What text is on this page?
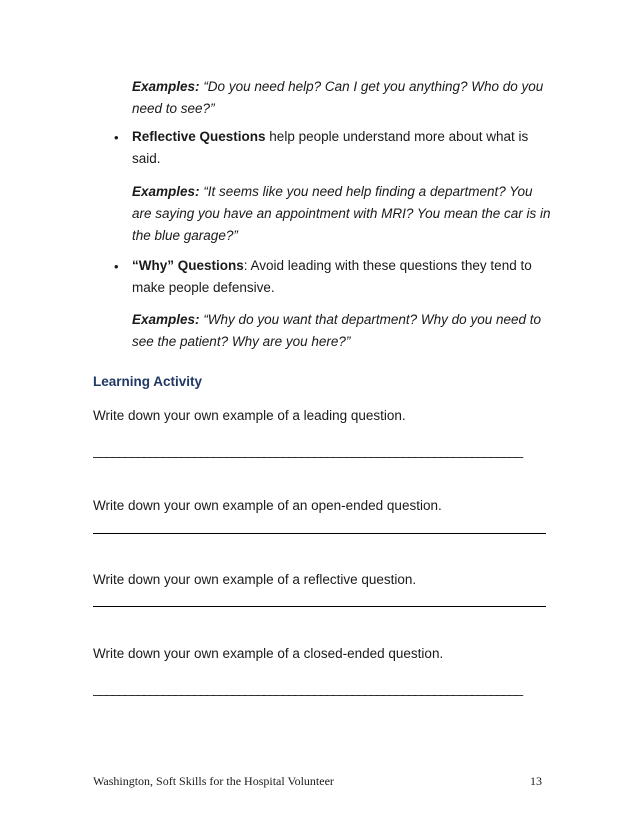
Examples: “Do you need help? Can I get you anything? Who do you need to see?”
• Reflective Questions help people understand more about what is said.
Examples: “It seems like you need help finding a department? You are saying you have an appointment with MRI? You mean the car is in the blue garage?”
• “Why” Questions: Avoid leading with these questions they tend to make people defensive.
Examples: “Why do you want that department? Why do you need to see the patient? Why are you here?”
Learning Activity
Write down your own example of a leading question.
____________________________________________________________________
Write down your own example of an open-ended question.
Write down your own example of a reflective question.
Write down your own example of a closed-ended question.
____________________________________________________________________
Washington, Soft Skills for the Hospital Volunteer	13
